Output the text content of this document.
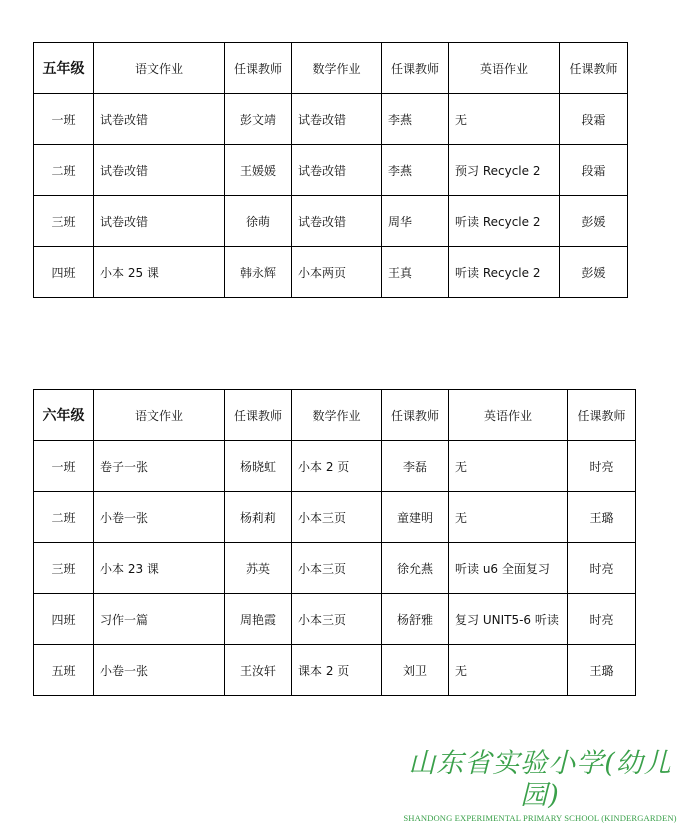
五年级	语文作业	任课教师	数学作业	任课教师	英语作业	任课教师
一班	试卷改错	彭文靖	试卷改错	李燕	无	段霜
二班	试卷改错	王媛媛	试卷改错	李燕	预习 Recycle 2	段霜
三班	试卷改错	徐萌	试卷改错	周华	听读 Recycle 2	彭媛
四班	小本 25 课	韩永辉	小本两页	王真	听读 Recycle 2	彭媛
六年级	语文作业	任课教师	数学作业	任课教师	英语作业	任课教师
一班	卷子一张	杨晓虹	小本 2 页	李磊	无	时亮
二班	小卷一张	杨莉莉	小本三页	童建明	无	王璐
三班	小本 23 课	苏英	小本三页	徐允燕	听读 u6 全面复习	时亮
四班	习作一篇	周艳霞	小本三页	杨舒雅	复习 UNIT5-6 听读	时亮
五班	小卷一张	王汝轩	课本 2 页	刘卫	无	王璐
山东省实验小学(幼儿园)
SHANDONG EXPERIMENTAL PRIMARY SCHOOL (KINDERGARDEN)
